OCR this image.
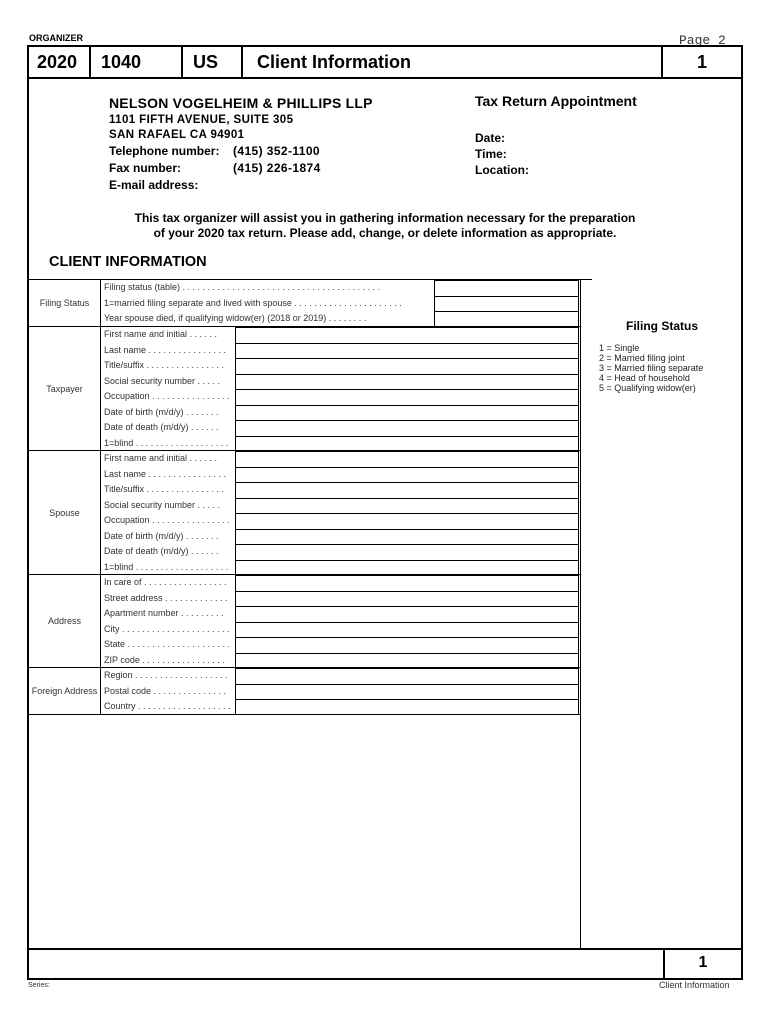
ORGANIZER	Page 2
2020	1040	US	Client Information	1
NELSON VOGELHEIM & PHILLIPS LLP
1101 FIFTH AVENUE, SUITE 305
SAN RAFAEL CA 94901
Telephone number:	(415) 352-1100
Fax number:	(415) 226-1874
E-mail address:
Tax Return Appointment
Date:
Time:
Location:
This tax organizer will assist you in gathering information necessary for the preparation
of your 2020 tax return. Please add, change, or delete information as appropriate.
CLIENT INFORMATION
Filing Status
Filing status (table) . . . . . . . . . . . . . . . . . . . . . . . . . . . . . . . . . . . . . . . .
1=married filing separate and lived with spouse . . . . . . . . . . . . . . . . . . . . . .
Year spouse died, if qualifying widow(er) (2018 or 2019) . . . . . . . .
Taxpayer
First name and initial . . . . . .
Last name . . . . . . . . . . . . . . . .
Title/suffix . . . . . . . . . . . . . . . .
Social security number . . . . .
Occupation . . . . . . . . . . . . . . . .
Date of birth (m/d/y) . . . . . . .
Date of death (m/d/y) . . . . . .
1=blind . . . . . . . . . . . . . . . . . . .
Spouse
First name and initial . . . . . .
Last name . . . . . . . . . . . . . . . .
Title/suffix . . . . . . . . . . . . . . . .
Social security number . . . . .
Occupation . . . . . . . . . . . . . . . .
Date of birth (m/d/y) . . . . . . .
Date of death (m/d/y) . . . . . .
1=blind . . . . . . . . . . . . . . . . . . .
Address
In care of . . . . . . . . . . . . . . . . .
Street address . . . . . . . . . . . . .
Apartment number . . . . . . . . .
City . . . . . . . . . . . . . . . . . . . . . .
State . . . . . . . . . . . . . . . . . . . . .
ZIP code . . . . . . . . . . . . . . . . .
Foreign Address
Region . . . . . . . . . . . . . . . . . . .
Postal code . . . . . . . . . . . . . . .
Country . . . . . . . . . . . . . . . . . . .
Filing Status
1 = Single
2 = Married filing joint
3 = Married filing separate
4 = Head of household
5 = Qualifying widow(er)
1
Series:	Client Information
